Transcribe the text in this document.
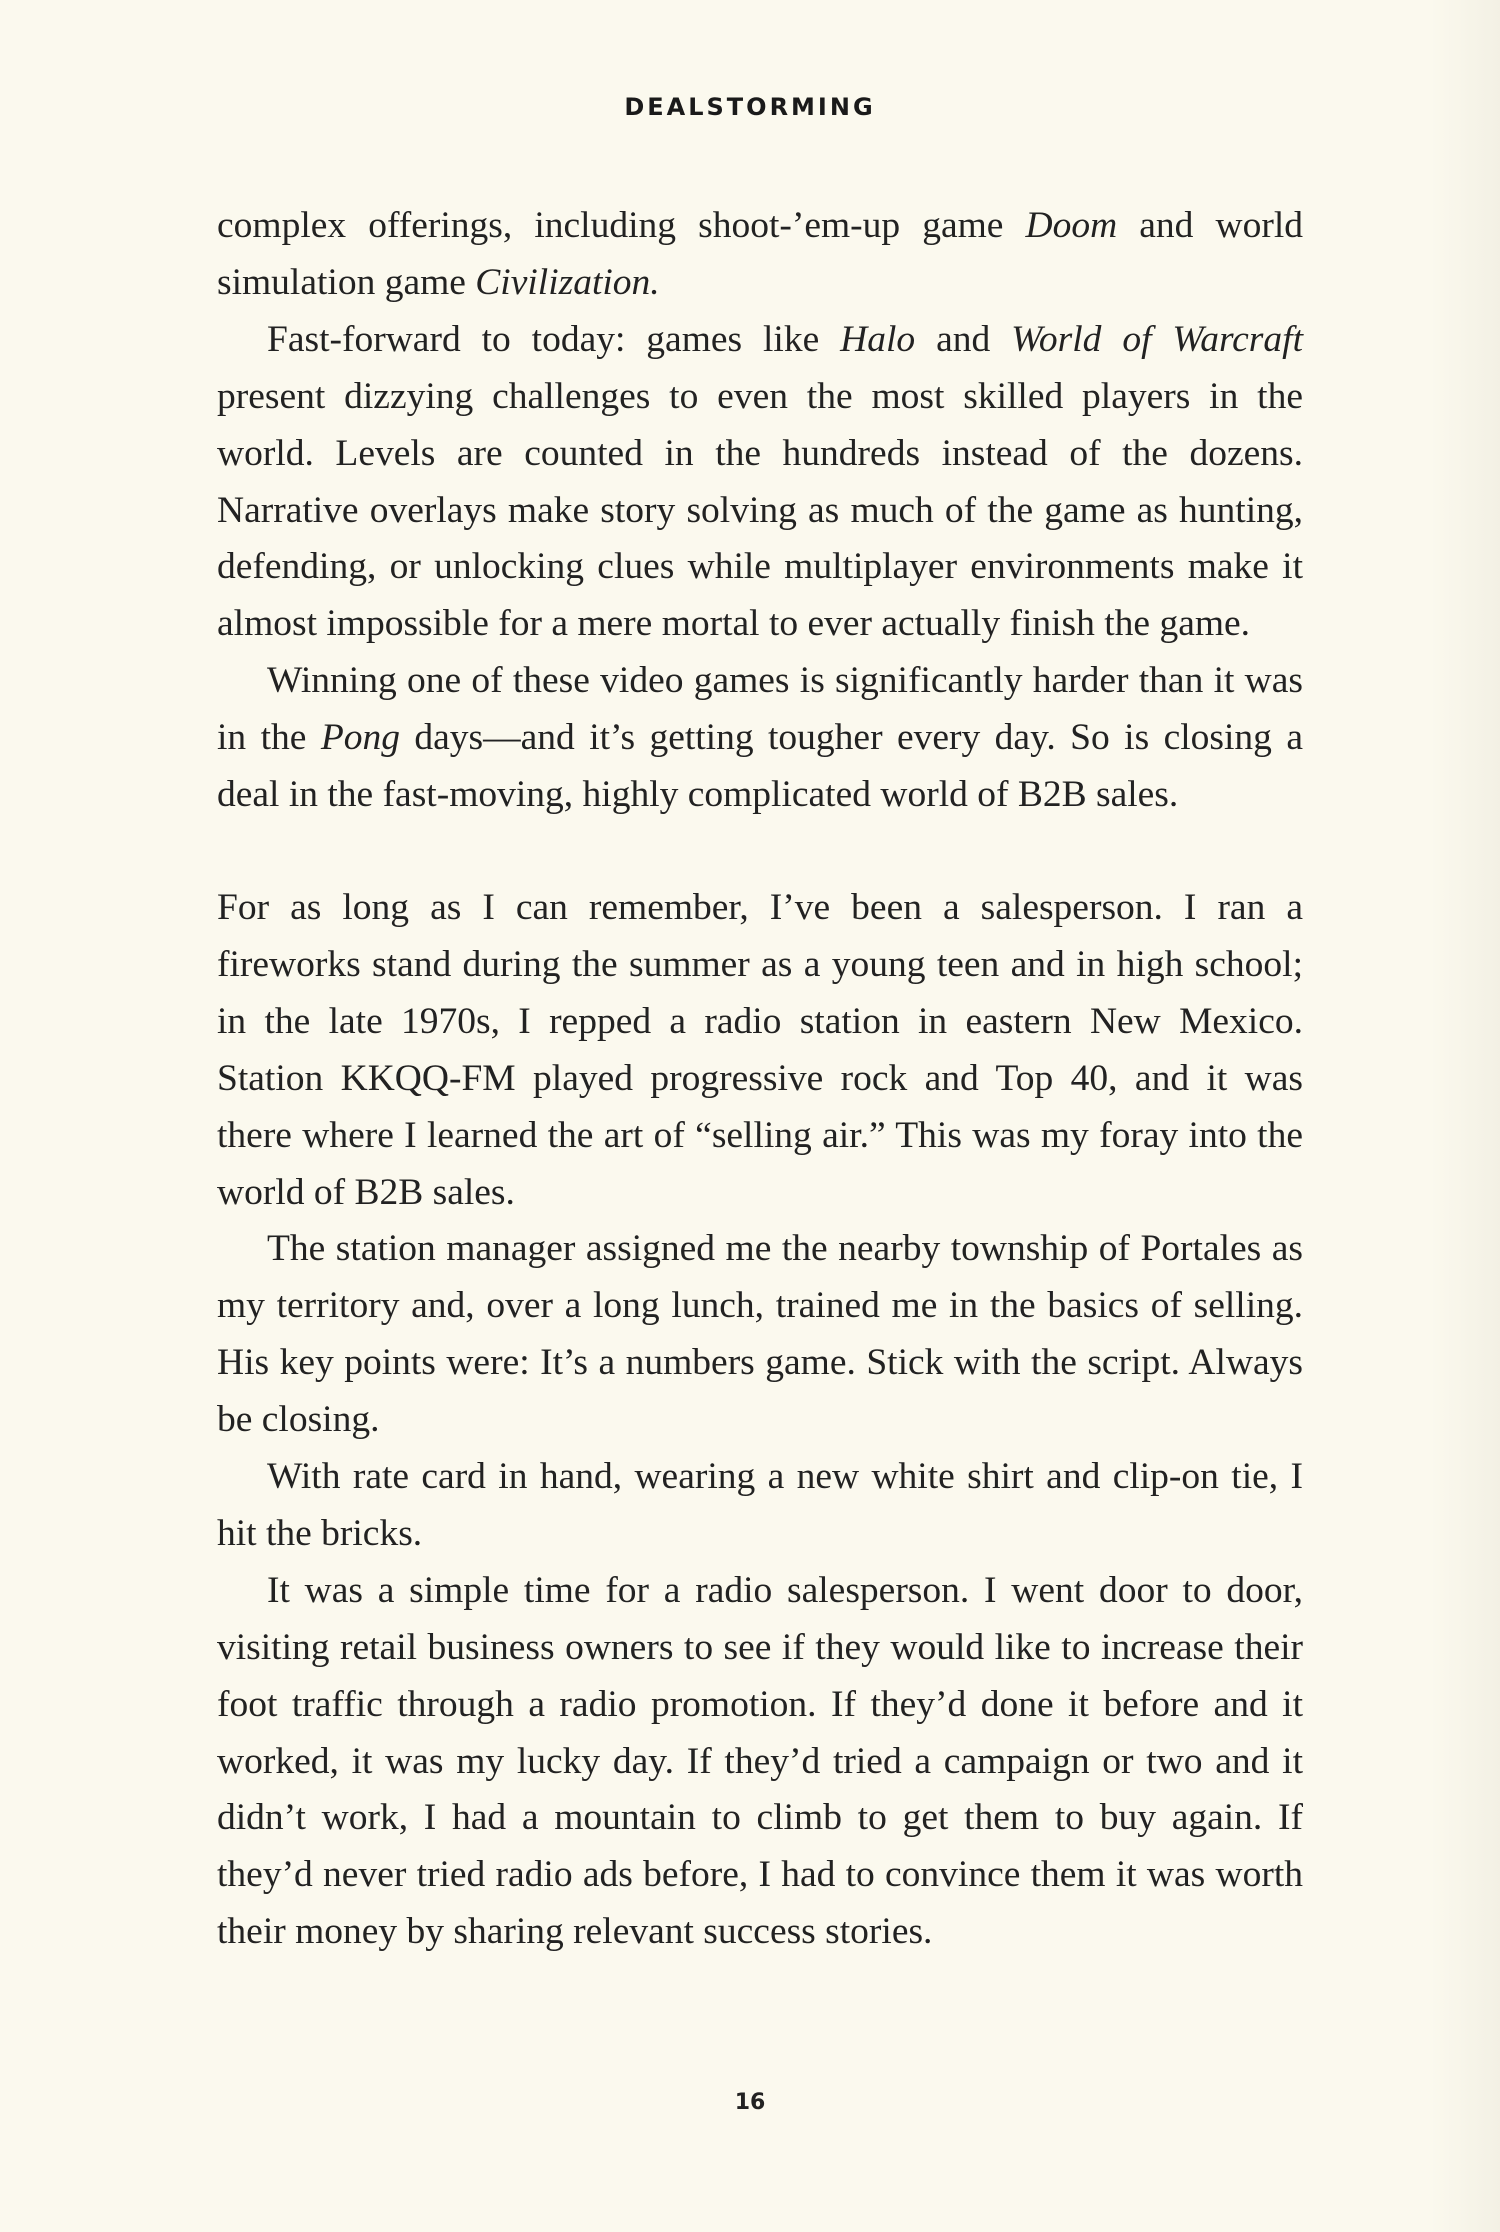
DEALSTORMING

complex offerings, including shoot-’em-up game Doom and world simulation game Civilization.

Fast-forward to today: games like Halo and World of Warcraft present dizzying challenges to even the most skilled players in the world. Levels are counted in the hundreds instead of the dozens. Narrative overlays make story solving as much of the game as hunting, defending, or unlocking clues while multiplayer environments make it almost impossible for a mere mortal to ever actually finish the game.

Winning one of these video games is significantly harder than it was in the Pong days—and it’s getting tougher every day. So is closing a deal in the fast-moving, highly complicated world of B2B sales.

For as long as I can remember, I’ve been a salesperson. I ran a fireworks stand during the summer as a young teen and in high school; in the late 1970s, I repped a radio station in eastern New Mexico. Station KKQQ-FM played progressive rock and Top 40, and it was there where I learned the art of “selling air.” This was my foray into the world of B2B sales.

The station manager assigned me the nearby township of Portales as my territory and, over a long lunch, trained me in the basics of selling. His key points were: It’s a numbers game. Stick with the script. Always be closing.

With rate card in hand, wearing a new white shirt and clip-on tie, I hit the bricks.

It was a simple time for a radio salesperson. I went door to door, visiting retail business owners to see if they would like to increase their foot traffic through a radio promotion. If they’d done it before and it worked, it was my lucky day. If they’d tried a campaign or two and it didn’t work, I had a mountain to climb to get them to buy again. If they’d never tried radio ads before, I had to convince them it was worth their money by sharing relevant success stories.

16
